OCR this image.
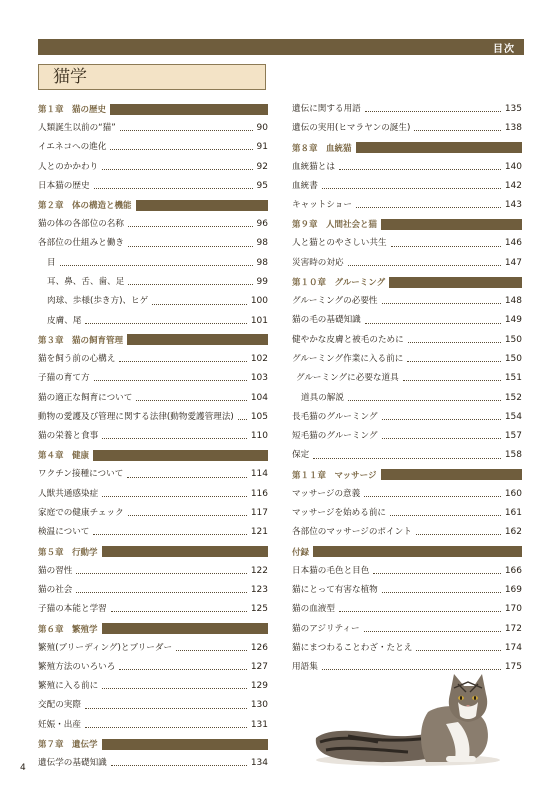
目次
猫学
第１章　猫の歴史
人類誕生以前の“猫”	90
イエネコへの進化	91
人とのかかわり	92
日本猫の歴史	95
第２章　体の構造と機能
猫の体の各部位の名称	96
各部位の仕組みと働き	98
目	98
耳、鼻、舌、歯、足	99
肉球、歩様(歩き方)、ヒゲ	100
皮膚、尾	101
第３章　猫の飼育管理
猫を飼う前の心構え	102
子猫の育て方	103
猫の適正な飼育について	104
動物の愛護及び管理に関する法律(動物愛護管理法) 105
猫の栄養と食事	110
第４章　健康
ワクチン接種について	114
人獣共通感染症	116
家庭での健康チェック	117
検温について	121
第５章　行動学
猫の習性	122
猫の社会	123
子猫の本能と学習	125
第６章　繁殖学
繁殖(ブリーディング)とブリーダー	126
繁殖方法のいろいろ	127
繁殖に入る前に	129
交配の実際	130
妊娠・出産	131
第７章　遺伝学
遺伝学の基礎知識	134
遺伝に関する用語	135
遺伝の実用(ヒマラヤンの誕生)	138
第８章　血統猫
血統猫とは	140
血統書	142
キャットショー	143
第９章　人間社会と猫
人と猫とのやさしい共生	146
災害時の対応	147
第１０章　グルーミング
グルーミングの必要性	148
猫の毛の基礎知識	149
健やかな皮膚と被毛のために	150
グルーミング作業に入る前に	150
グルーミングに必要な道具	151
道具の解説	152
長毛猫のグルーミング	154
短毛猫のグルーミング	157
保定	158
第１１章　マッサージ
マッサージの意義	160
マッサージを始める前に	161
各部位のマッサージのポイント	162
付録
日本猫の毛色と目色	166
猫にとって有害な植物	169
猫の血液型	170
猫のアジリティー	172
猫にまつわることわざ・たとえ	174
用語集	175
4
